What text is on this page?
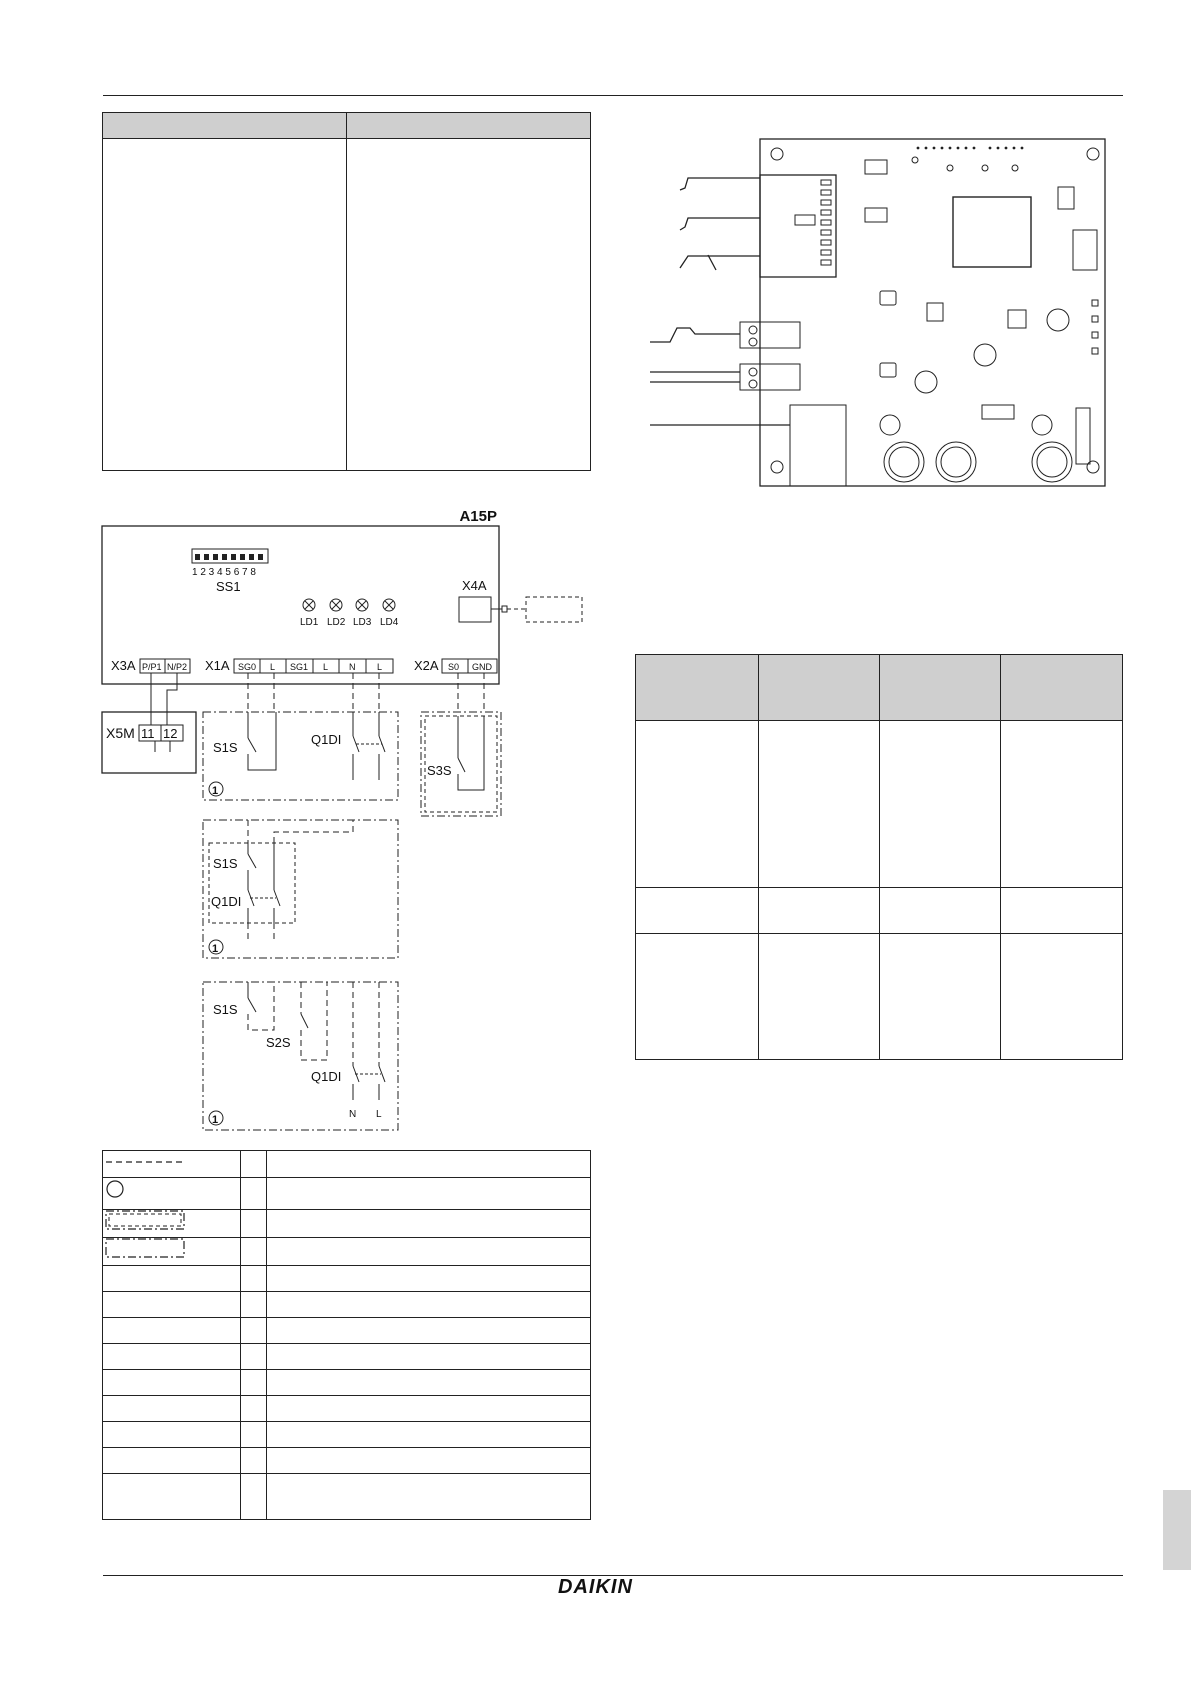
A15P
1 2 3 4 5 6 7 8
SS1
LD1 LD2 LD3 LD4
X4A
X3A P/P1 N/P2 X1A SG0 L SG1 L N L X2A S0 GND
X5M 11 12
S1S
Q1DI
1
S3S
S1S
Q1DI
1
S1S
S2S
Q1DI
N L
1
DAIKIN
